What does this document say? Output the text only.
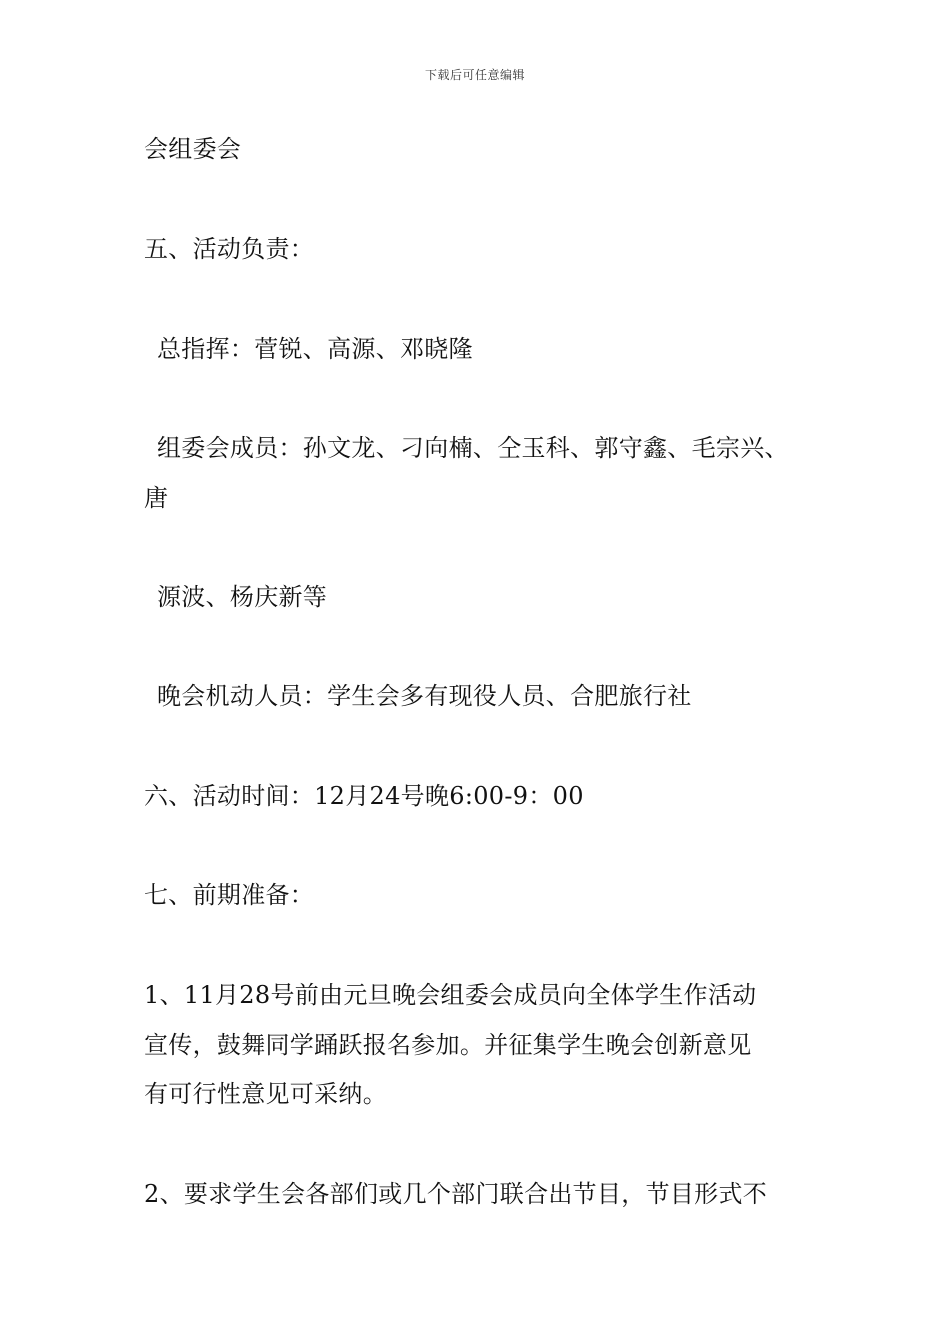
下载后可任意编辑
会组委会
五、活动负责：
总指挥：菅锐、高源、邓晓隆
组委会成员：孙文龙、刁向楠、仝玉科、郭守鑫、毛宗兴、
唐
源波、杨庆新等
晚会机动人员：学生会多有现役人员、合肥旅行社
六、活动时间：12月24号晚6:00-9：00
七、前期准备：
1、11月28号前由元旦晚会组委会成员向全体学生作活动
宣传，鼓舞同学踊跃报名参加。并征集学生晚会创新意见
有可行性意见可采纳。
2、要求学生会各部们或几个部门联合出节目，节目形式不
